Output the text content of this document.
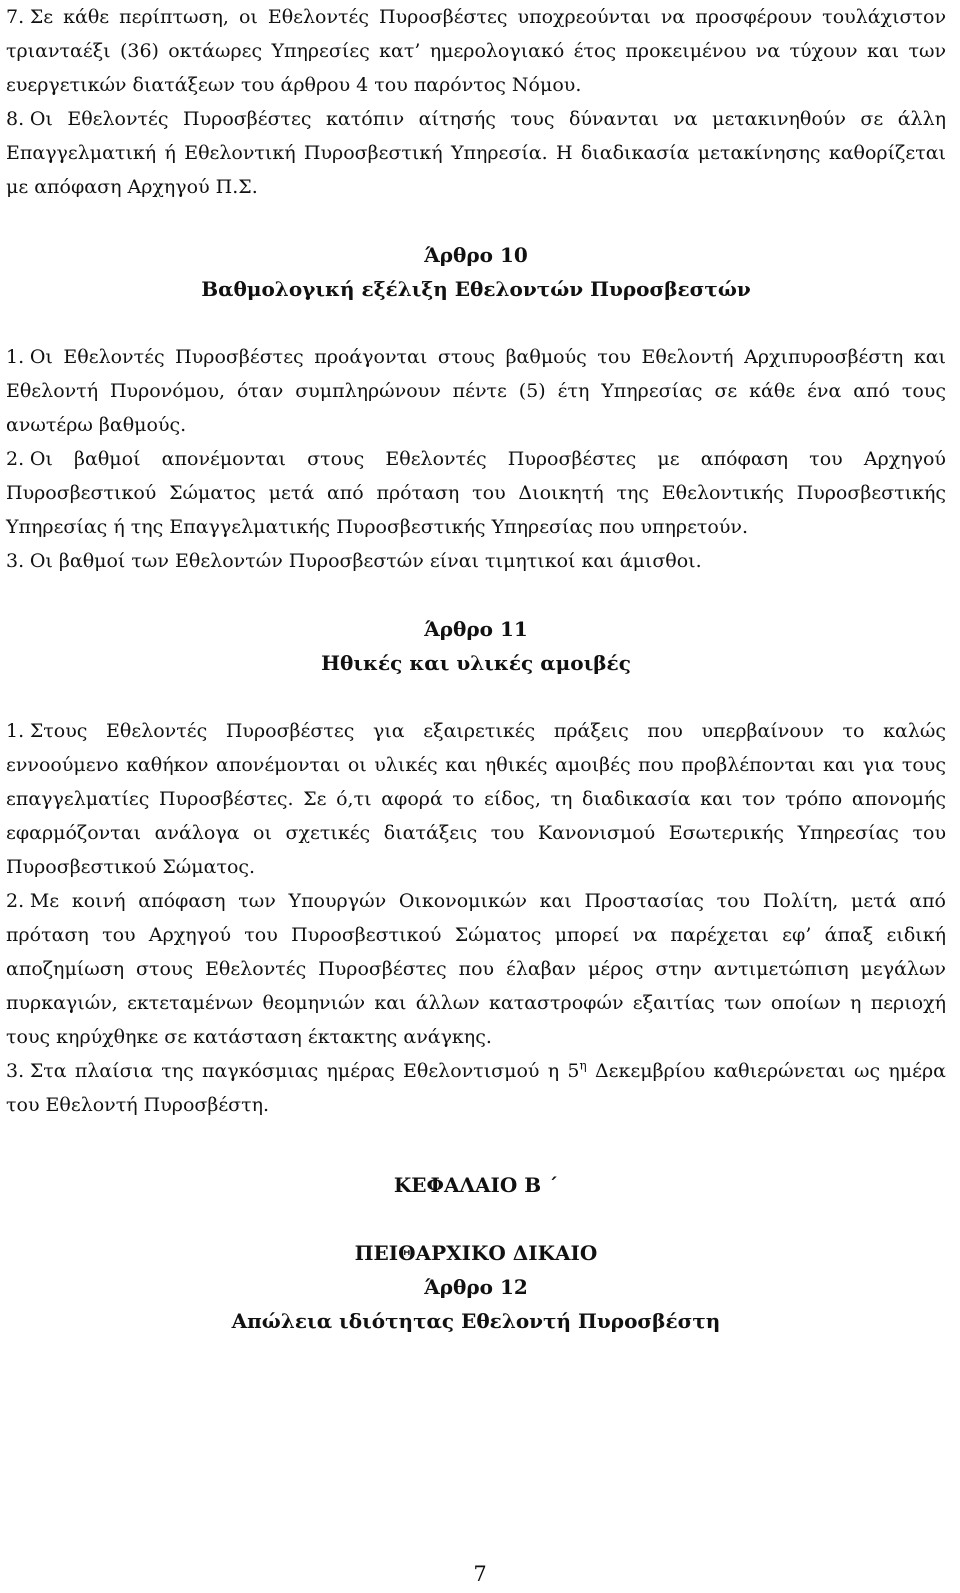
7. Σε κάθε περίπτωση, οι Εθελοντές Πυροσβέστες υποχρεούνται να προσφέρουν τουλάχιστον τριανταέξι (36) οκτάωρες Υπηρεσίες κατ’ ημερολογιακό έτος προκειμένου να τύχουν και των ευεργετικών διατάξεων του άρθρου 4 του παρόντος Νόμου.

8. Οι Εθελοντές Πυροσβέστες κατόπιν αίτησής τους δύνανται να μετακινηθούν σε άλλη Επαγγελματική ή Εθελοντική Πυροσβεστική Υπηρεσία. Η διαδικασία μετακίνησης καθορίζεται με απόφαση Αρχηγού Π.Σ.

Άρθρο 10

Βαθμολογική εξέλιξη Εθελοντών Πυροσβεστών

1. Οι Εθελοντές Πυροσβέστες προάγονται στους βαθμούς του Εθελοντή Αρχιπυροσβέστη και Εθελοντή Πυρονόμου, όταν συμπληρώνουν πέντε (5) έτη Υπηρεσίας σε κάθε ένα από τους ανωτέρω βαθμούς.

2. Οι βαθμοί απονέμονται στους Εθελοντές Πυροσβέστες με απόφαση του Αρχηγού Πυροσβεστικού Σώματος μετά από πρόταση του Διοικητή της Εθελοντικής Πυροσβεστικής Υπηρεσίας ή της Επαγγελματικής Πυροσβεστικής Υπηρεσίας που υπηρετούν.

3. Οι βαθμοί των Εθελοντών Πυροσβεστών είναι τιμητικοί και άμισθοι.

Άρθρο 11

Ηθικές και υλικές αμοιβές

1. Στους Εθελοντές Πυροσβέστες για εξαιρετικές πράξεις που υπερβαίνουν το καλώς εννοούμενο καθήκον απονέμονται οι υλικές και ηθικές αμοιβές που προβλέπονται και για τους επαγγελματίες Πυροσβέστες. Σε ό,τι αφορά το είδος, τη διαδικασία και τον τρόπο απονομής εφαρμόζονται ανάλογα οι σχετικές διατάξεις του Κανονισμού Εσωτερικής Υπηρεσίας του Πυροσβεστικού Σώματος.

2. Με κοινή απόφαση των Υπουργών Οικονομικών και Προστασίας του Πολίτη, μετά από πρόταση του Αρχηγού του Πυροσβεστικού Σώματος μπορεί να παρέχεται εφ’ άπαξ ειδική αποζημίωση στους Εθελοντές Πυροσβέστες που έλαβαν μέρος στην αντιμετώπιση μεγάλων πυρκαγιών, εκτεταμένων θεομηνιών και άλλων καταστροφών εξαιτίας των οποίων η περιοχή τους κηρύχθηκε σε κατάσταση έκτακτης ανάγκης.

3. Στα πλαίσια της παγκόσμιας ημέρας Εθελοντισμού η $5^\eta$ Δεκεμβρίου καθιερώνεται ως ημέρα του Εθελοντή Πυροσβέστη.

ΚΕΦΑΛΑΙΟ Β ΄

ΠΕΙΘΑΡΧΙΚΟ ΔΙΚΑΙΟ

Άρθρο 12

Απώλεια ιδιότητας Εθελοντή Πυροσβέστη

7
